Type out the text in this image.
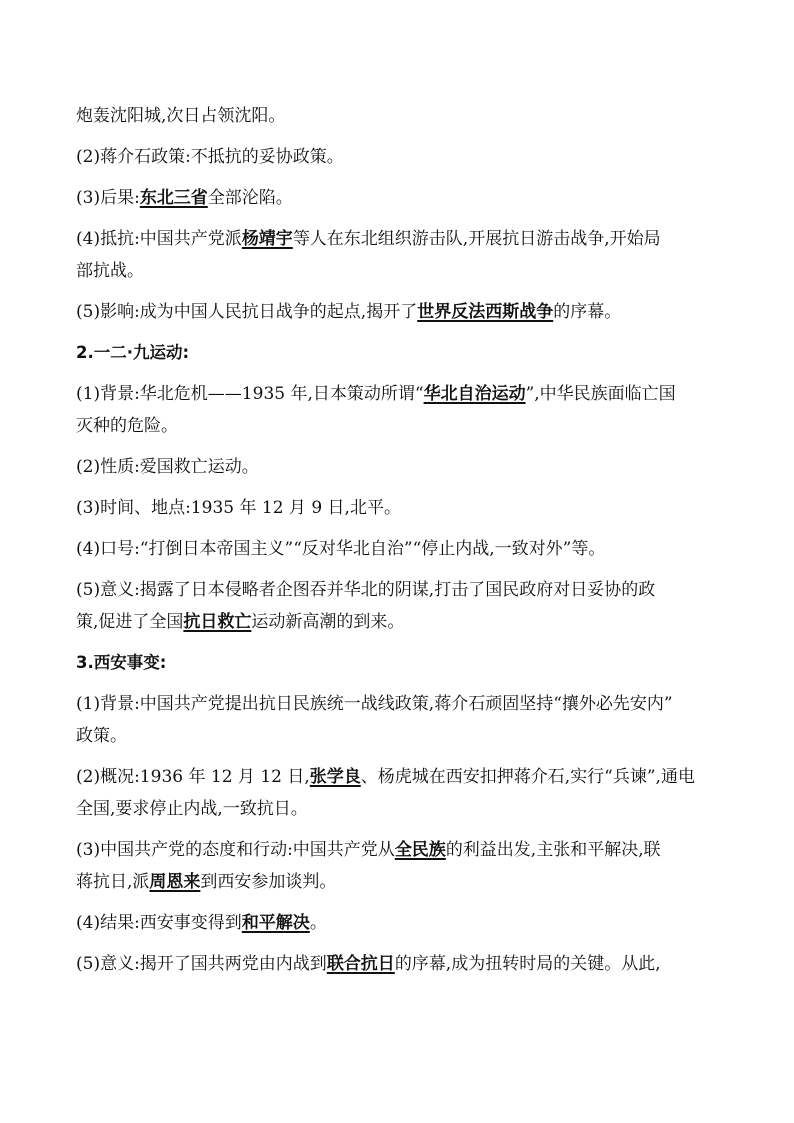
炮轰沈阳城,次日占领沈阳。
(2)蒋介石政策:不抵抗的妥协政策。
(3)后果:东北三省全部沦陷。
(4)抵抗:中国共产党派杨靖宇等人在东北组织游击队,开展抗日游击战争,开始局
部抗战。
(5)影响:成为中国人民抗日战争的起点,揭开了世界反法西斯战争的序幕。
2.一二·九运动:
(1)背景:华北危机——1935 年,日本策动所谓“华北自治运动”,中华民族面临亡国
灭种的危险。
(2)性质:爱国救亡运动。
(3)时间、地点:1935 年 12 月 9 日,北平。
(4)口号:“打倒日本帝国主义”“反对华北自治”“停止内战,一致对外”等。
(5)意义:揭露了日本侵略者企图吞并华北的阴谋,打击了国民政府对日妥协的政
策,促进了全国抗日救亡运动新高潮的到来。
3.西安事变:
(1)背景:中国共产党提出抗日民族统一战线政策,蒋介石顽固坚持“攘外必先安内”
政策。
(2)概况:1936 年 12 月 12 日,张学良、杨虎城在西安扣押蒋介石,实行“兵谏”,通电
全国,要求停止内战,一致抗日。
(3)中国共产党的态度和行动:中国共产党从全民族的利益出发,主张和平解决,联
蒋抗日,派周恩来到西安参加谈判。
(4)结果:西安事变得到和平解决。
(5)意义:揭开了国共两党由内战到联合抗日的序幕,成为扭转时局的关键。从此,
